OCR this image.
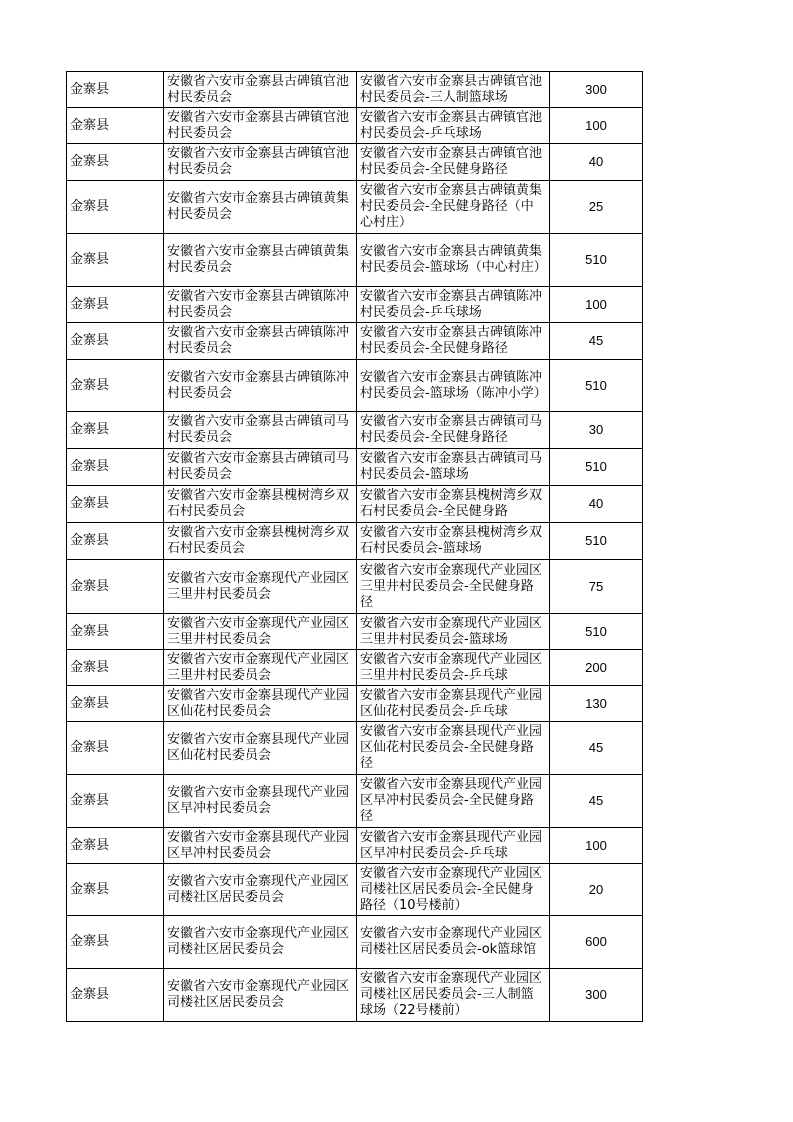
金寨县	安徽省六安市金寨县古碑镇官池村民委员会	安徽省六安市金寨县古碑镇官池村民委员会-三人制篮球场	300
金寨县	安徽省六安市金寨县古碑镇官池村民委员会	安徽省六安市金寨县古碑镇官池村民委员会-乒乓球场	100
金寨县	安徽省六安市金寨县古碑镇官池村民委员会	安徽省六安市金寨县古碑镇官池村民委员会-全民健身路径	40
金寨县	安徽省六安市金寨县古碑镇黄集村民委员会	安徽省六安市金寨县古碑镇黄集村民委员会-全民健身路径（中心村庄）	25
金寨县	安徽省六安市金寨县古碑镇黄集村民委员会	安徽省六安市金寨县古碑镇黄集村民委员会-篮球场（中心村庄）	510
金寨县	安徽省六安市金寨县古碑镇陈冲村民委员会	安徽省六安市金寨县古碑镇陈冲村民委员会-乒乓球场	100
金寨县	安徽省六安市金寨县古碑镇陈冲村民委员会	安徽省六安市金寨县古碑镇陈冲村民委员会-全民健身路径	45
金寨县	安徽省六安市金寨县古碑镇陈冲村民委员会	安徽省六安市金寨县古碑镇陈冲村民委员会-篮球场（陈冲小学）	510
金寨县	安徽省六安市金寨县古碑镇司马村民委员会	安徽省六安市金寨县古碑镇司马村民委员会-全民健身路径	30
金寨县	安徽省六安市金寨县古碑镇司马村民委员会	安徽省六安市金寨县古碑镇司马村民委员会-篮球场	510
金寨县	安徽省六安市金寨县槐树湾乡双石村民委员会	安徽省六安市金寨县槐树湾乡双石村民委员会-全民健身路	40
金寨县	安徽省六安市金寨县槐树湾乡双石村民委员会	安徽省六安市金寨县槐树湾乡双石村民委员会-篮球场	510
金寨县	安徽省六安市金寨现代产业园区三里井村民委员会	安徽省六安市金寨现代产业园区三里井村民委员会-全民健身路径	75
金寨县	安徽省六安市金寨现代产业园区三里井村民委员会	安徽省六安市金寨现代产业园区三里井村民委员会-篮球场	510
金寨县	安徽省六安市金寨现代产业园区三里井村民委员会	安徽省六安市金寨现代产业园区三里井村民委员会-乒乓球	200
金寨县	安徽省六安市金寨县现代产业园区仙花村民委员会	安徽省六安市金寨县现代产业园区仙花村民委员会-乒乓球	130
金寨县	安徽省六安市金寨县现代产业园区仙花村民委员会	安徽省六安市金寨县现代产业园区仙花村民委员会-全民健身路径	45
金寨县	安徽省六安市金寨县现代产业园区早冲村民委员会	安徽省六安市金寨县现代产业园区早冲村民委员会-全民健身路径	45
金寨县	安徽省六安市金寨县现代产业园区早冲村民委员会	安徽省六安市金寨县现代产业园区早冲村民委员会-乒乓球	100
金寨县	安徽省六安市金寨现代产业园区司楼社区居民委员会	安徽省六安市金寨现代产业园区司楼社区居民委员会-全民健身路径（10号楼前）	20
金寨县	安徽省六安市金寨现代产业园区司楼社区居民委员会	安徽省六安市金寨现代产业园区司楼社区居民委员会-ok篮球馆	600
金寨县	安徽省六安市金寨现代产业园区司楼社区居民委员会	安徽省六安市金寨现代产业园区司楼社区居民委员会-三人制篮球场（22号楼前）	300
